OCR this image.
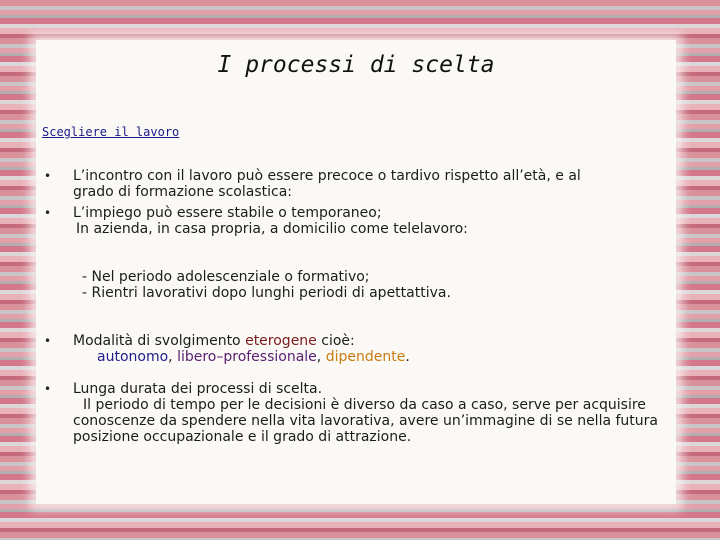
I processi di scelta
Scegliere il lavoro
• L’incontro con il lavoro può essere precoce o tardivo rispetto all’età, e al
grado di formazione scolastica:
• L’impiego può essere stabile o temporaneo;
In azienda, in casa propria, a domicilio come telelavoro:
- Nel periodo adolescenziale o formativo;
- Rientri lavorativi dopo lunghi periodi di apettattiva.
• Modalità di svolgimento eterogene cioè:
autonomo, libero–professionale, dipendente.
• Lunga durata dei processi di scelta.
Il periodo di tempo per le decisioni è diverso da caso a caso, serve per acquisire conoscenze da spendere nella vita lavorativa, avere un’immagine di se nella futura posizione occupazionale e il grado di attrazione.
